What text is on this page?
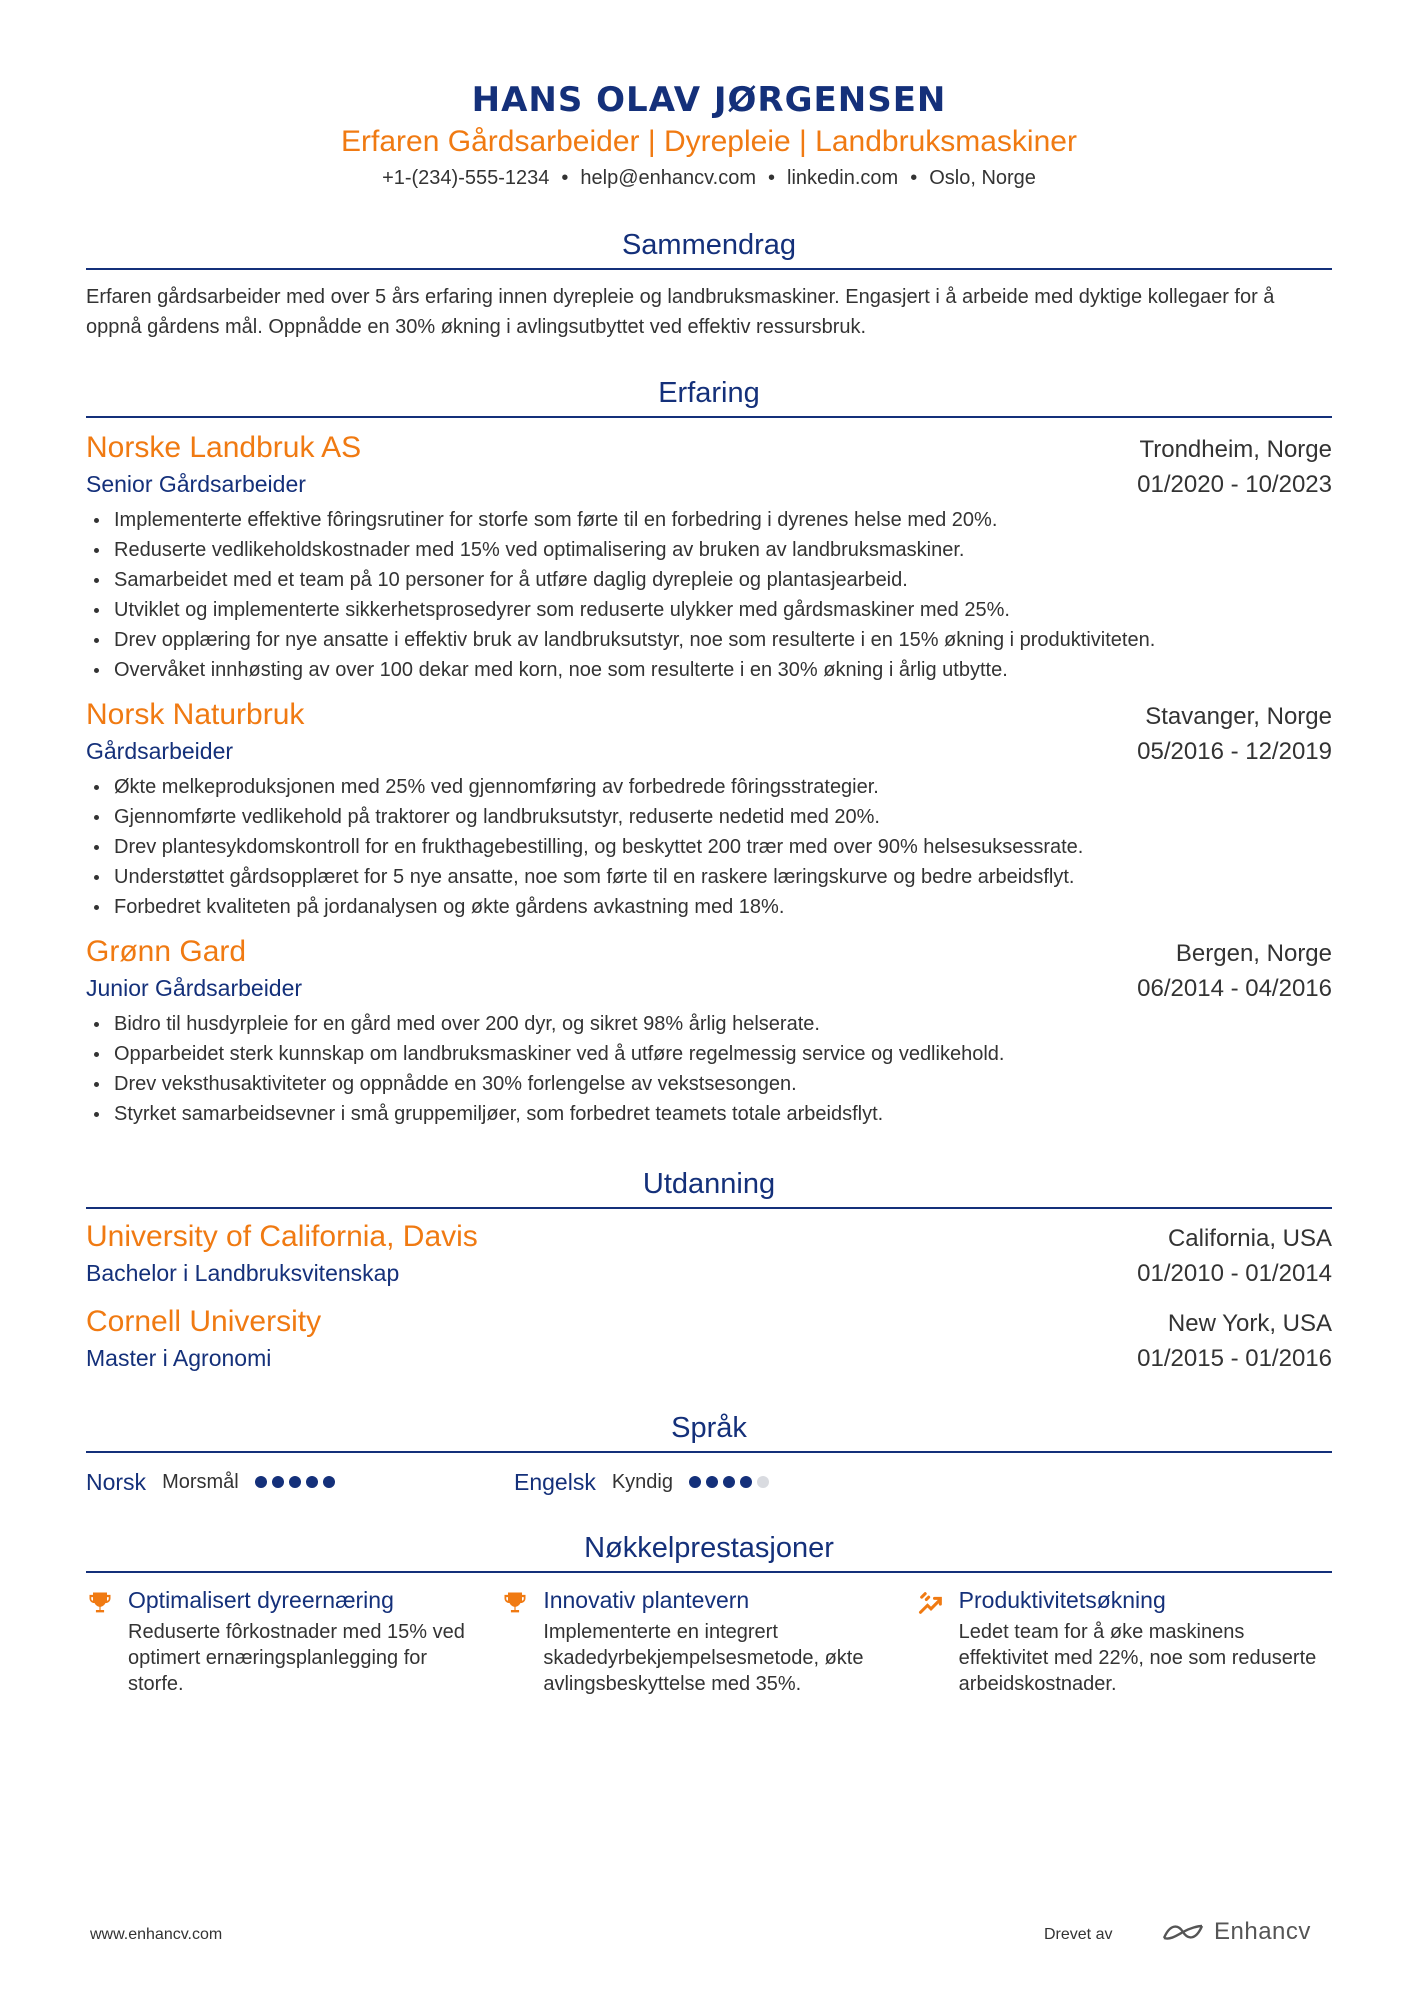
HANS OLAV JØRGENSEN
Erfaren Gårdsarbeider | Dyrepleie | Landbruksmaskiner
+1-(234)-555-1234 • help@enhancv.com • linkedin.com • Oslo, Norge
Sammendrag
Erfaren gårdsarbeider med over 5 års erfaring innen dyrepleie og landbruksmaskiner. Engasjert i å arbeide med dyktige kollegaer for å oppnå gårdens mål. Oppnådde en 30% økning i avlingsutbyttet ved effektiv ressursbruk.
Erfaring
Norske Landbruk AS	Trondheim, Norge
Senior Gårdsarbeider	01/2020 - 10/2023
Implementerte effektive fôringsrutiner for storfe som førte til en forbedring i dyrenes helse med 20%.
Reduserte vedlikeholdskostnader med 15% ved optimalisering av bruken av landbruksmaskiner.
Samarbeidet med et team på 10 personer for å utføre daglig dyrepleie og plantasjearbeid.
Utviklet og implementerte sikkerhetsprosedyrer som reduserte ulykker med gårdsmaskiner med 25%.
Drev opplæring for nye ansatte i effektiv bruk av landbruksutstyr, noe som resulterte i en 15% økning i produktiviteten.
Overvåket innhøsting av over 100 dekar med korn, noe som resulterte i en 30% økning i årlig utbytte.
Norsk Naturbruk	Stavanger, Norge
Gårdsarbeider	05/2016 - 12/2019
Økte melkeproduksjonen med 25% ved gjennomføring av forbedrede fôringsstrategier.
Gjennomførte vedlikehold på traktorer og landbruksutstyr, reduserte nedetid med 20%.
Drev plantesykdomskontroll for en frukthagebestilling, og beskyttet 200 trær med over 90% helsesuksessrate.
Understøttet gårdsopplæret for 5 nye ansatte, noe som førte til en raskere læringskurve og bedre arbeidsflyt.
Forbedret kvaliteten på jordanalysen og økte gårdens avkastning med 18%.
Grønn Gard	Bergen, Norge
Junior Gårdsarbeider	06/2014 - 04/2016
Bidro til husdyrpleie for en gård med over 200 dyr, og sikret 98% årlig helserate.
Opparbeidet sterk kunnskap om landbruksmaskiner ved å utføre regelmessig service og vedlikehold.
Drev veksthusaktiviteter og oppnådde en 30% forlengelse av vekstsesongen.
Styrket samarbeidsevner i små gruppemiljøer, som forbedret teamets totale arbeidsflyt.
Utdanning
University of California, Davis	California, USA
Bachelor i Landbruksvitenskap	01/2010 - 01/2014
Cornell University	New York, USA
Master i Agronomi	01/2015 - 01/2016
Språk
Norsk Morsmål	Engelsk Kyndig
Nøkkelprestasjoner
Optimalisert dyreernæring
Reduserte fôrkostnader med 15% ved optimert ernæringsplanlegging for storfe.
Innovativ plantevern
Implementerte en integrert skadedyrbekjempelsesmetode, økte avlingsbeskyttelse med 35%.
Produktivitetsøkning
Ledet team for å øke maskinens effektivitet med 22%, noe som reduserte arbeidskostnader.
www.enhancv.com	Drevet av	Enhancv
